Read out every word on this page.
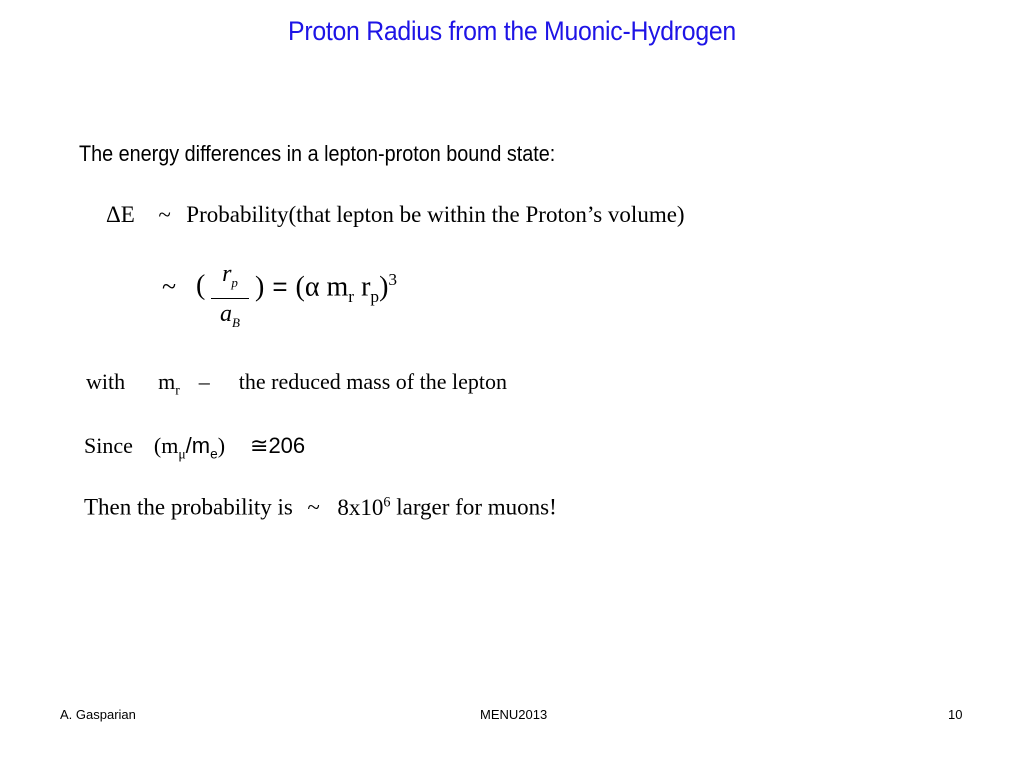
Proton Radius from the Muonic-Hydrogen
The energy differences in a lepton-proton bound state:
ΔE ~ Probability(that lepton be within the Proton’s volume)
~ ( $r_p$
$a_B$
) = (α $m_r$ $r_p)^3$
with $m_r$ – the reduced mass of the lepton
Since $(m_\mu/m_e)$ ≅206
Then the probability is ~ $8x10^6$ larger for muons!
A. Gasparian	MENU2013	10
